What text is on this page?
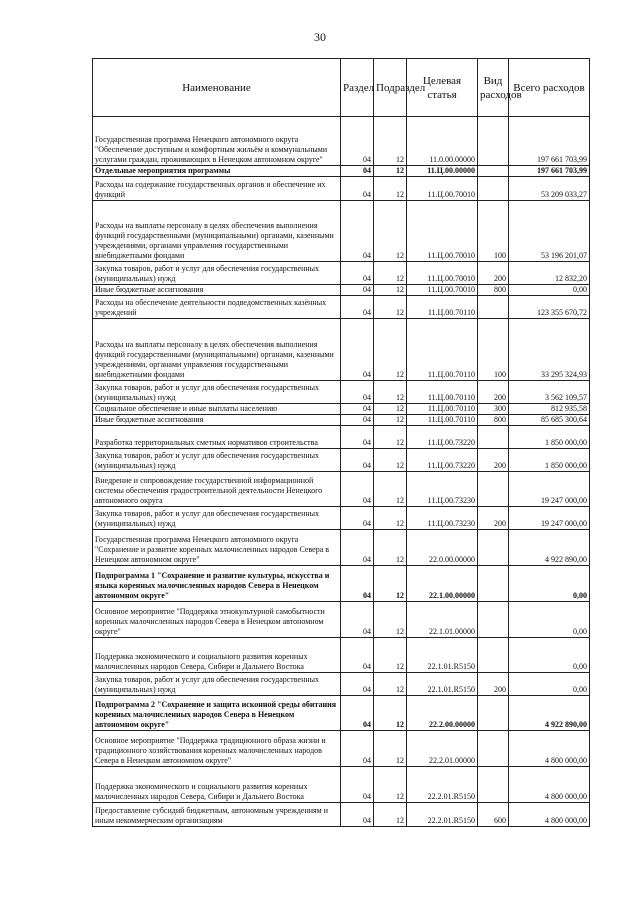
30
Наименование	Раздел	Подраздел	Целевая статья	Вид расходов	Всего расходов

Государственная программа Ненецкого автономного округа "Обеспечение доступным и комфортным жильём и коммунальными услугами граждан, проживающих в Ненецком автономном округе"	04	12	11.0.00.00000		197 661 703,99

Отдельные мероприятия программы	04	12	11.Ц.00.00000		197 661 703,99

Расходы на содержание государственных органов и обеспечение их функций	04	12	11.Ц.00.70010		53 209 033,27

Расходы на выплаты персоналу в целях обеспечения выполнения функций государственными (муниципальными) органами, казенными учреждениями, органами управления государственными внебюджетными фондами	04	12	11.Ц.00.70010	100	53 196 201,07

Закупка товаров, работ и услуг для обеспечения государственных (муниципальных) нужд	04	12	11.Ц.00.70010	200	12 832,20

Иные бюджетные ассигнования	04	12	11.Ц.00.70010	800	0,00

Расходы на обеспечение деятельности подведомственных казённых учреждений	04	12	11.Ц.00.70110		123 355 670,72

Расходы на выплаты персоналу в целях обеспечения выполнения функций государственными (муниципальными) органами, казенными учреждениями, органами управления государственными внебюджетными фондами	04	12	11.Ц.00.70110	100	33 295 324,93

Закупка товаров, работ и услуг для обеспечения государственных (муниципальных) нужд	04	12	11.Ц.00.70110	200	3 562 109,57

Социальное обеспечение и иные выплаты населению	04	12	11.Ц.00.70110	300	812 935,58

Иные бюджетные ассигнования	04	12	11.Ц.00.70110	800	85 685 300,64

Разработка территориальных сметных нормативов строительства	04	12	11.Ц.00.73220		1 850 000,00

Закупка товаров, работ и услуг для обеспечения государственных (муниципальных) нужд	04	12	11.Ц.00.73220	200	1 850 000,00

Внедрение и сопровождение государственной информационной системы обеспечения градостроительной деятельности Ненецкого автономного округа	04	12	11.Ц.00.73230		19 247 000,00

Закупка товаров, работ и услуг для обеспечения государственных (муниципальных) нужд	04	12	11.Ц.00.73230	200	19 247 000,00

Государственная программа Ненецкого автономного округа "Сохранение и развитие коренных малочисленных народов Севера в Ненецком автономном округе"	04	12	22.0.00.00000		4 922 890,00

Подпрограмма 1 "Сохранение и развитие культуры, искусства и языка коренных малочисленных народов Севера в Ненецком автономном округе"	04	12	22.1.00.00000		0,00

Основное мероприятие "Поддержка этнокультурной самобытности коренных малочисленных народов Севера в Ненецком автономном округе"	04	12	22.1.01.00000		0,00

Поддержка экономического и социального развития коренных малочисленных народов Севера, Сибири и Дальнего Востока	04	12	22.1.01.R5150		0,00

Закупка товаров, работ и услуг для обеспечения государственных (муниципальных) нужд	04	12	22.1.01.R5150	200	0,00

Подпрограмма 2 "Сохранение и защита исконной среды обитания коренных малочисленных народов Севера в Ненецком автономном округе"	04	12	22.2.00.00000		4 922 890,00

Основное мероприятие "Поддержка традиционного образа жизни и традиционного хозяйствования коренных малочисленных народов Севера в Ненецком автономном округе"	04	12	22.2.01.00000		4 800 000,00

Поддержка экономического и социального развития коренных малочисленных народов Севера, Сибири и Дальнего Востока	04	12	22.2.01.R5150		4 800 000,00

Предоставление субсидий бюджетным, автономным учреждениям и иным некоммерческим организациям	04	12	22.2.01.R5150	600	4 800 000,00
